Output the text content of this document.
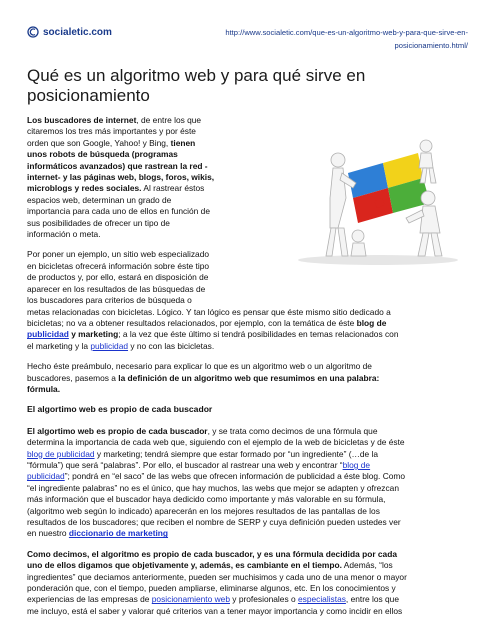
socialetic.com	http://www.socialetic.com/que-es-un-algoritmo-web-y-para-que-sirve-en-
posicionamiento.html/
Qué es un algoritmo web y para qué sirve en
posicionamiento

Los buscadores de internet, de entre los que
citaremos los tres más importantes y por éste
orden que son Google, Yahoo! y Bing, tienen
unos robots de búsqueda (programas
informáticos avanzados) que rastrean la red -
internet- y las páginas web, blogs, foros, wikis,
microblogs y redes sociales. Al rastrear éstos
espacios web, determinan un grado de
importancia para cada uno de ellos en función de
sus posibilidades de ofrecer un tipo de
información o meta.

Por poner un ejemplo, un sitio web especializado
en bicicletas ofrecerá información sobre éste tipo
de productos y, por ello, estará en disposición de
aparecer en los resultados de las búsquedas de
los buscadores para criterios de búsqueda o

metas relacionadas con bicicletas. Lógico. Y tan lógico es pensar que éste mismo sitio dedicado a
bicicletas; no va a obtener resultados relacionados, por ejemplo, con la temática de éste blog de
publicidad y marketing; a la vez que éste último si tendrá posibilidades en temas relacionados con
el marketing y la publicidad y no con las bicicletas.

Hecho éste preámbulo, necesario para explicar lo que es un algoritmo web o un algoritmo de
buscadores, pasemos a la definición de un algoritmo web que resumimos en una palabra:
fórmula.

El algortimo web es propio de cada buscador

El algortimo web es propio de cada buscador, y se trata como decimos de una fórmula que
determina la importancia de cada web que, siguiendo con el ejemplo de la web de bicicletas y de éste
blog de publicidad y marketing; tendrá siempre que estar formado por “un ingrediente” (…de la
“fórmula”) que será “palabras”. Por ello, el buscador al rastrear una web y encontrar “blog de
publicidad”; pondrá en “el saco” de las webs que ofrecen información de publicidad a éste blog. Como
“el ingrediente palabras” no es el único, que hay muchos, las webs que mejor se adapten y ofrezcan
más información que el buscador haya dedicido como importante y más valorable en su fórmula,
(algoritmo web según lo indicado) aparecerán en los mejores resultados de las pantallas de los
resultados de los buscadores; que reciben el nombre de SERP y cuya definición pueden ustedes ver
en nuestro diccionario de marketing

Como decimos, el algoritmo es propio de cada buscador, y es una fórmula decidida por cada
uno de ellos digamos que objetivamente y, además, es cambiante en el tiempo. Además, “los
ingredientes” que deciamos anteriormente, pueden ser muchisimos y cada uno de una menor o mayor
ponderación que, con el tiempo, pueden ampliarse, eliminarse algunos, etc. En los conocimientos y
experiencias de las empresas de posicionamiento web y profesionales o especialistas, entre los que
me incluyo, está el saber y valorar qué criterios van a tener mayor importancia y como incidir en ellos
